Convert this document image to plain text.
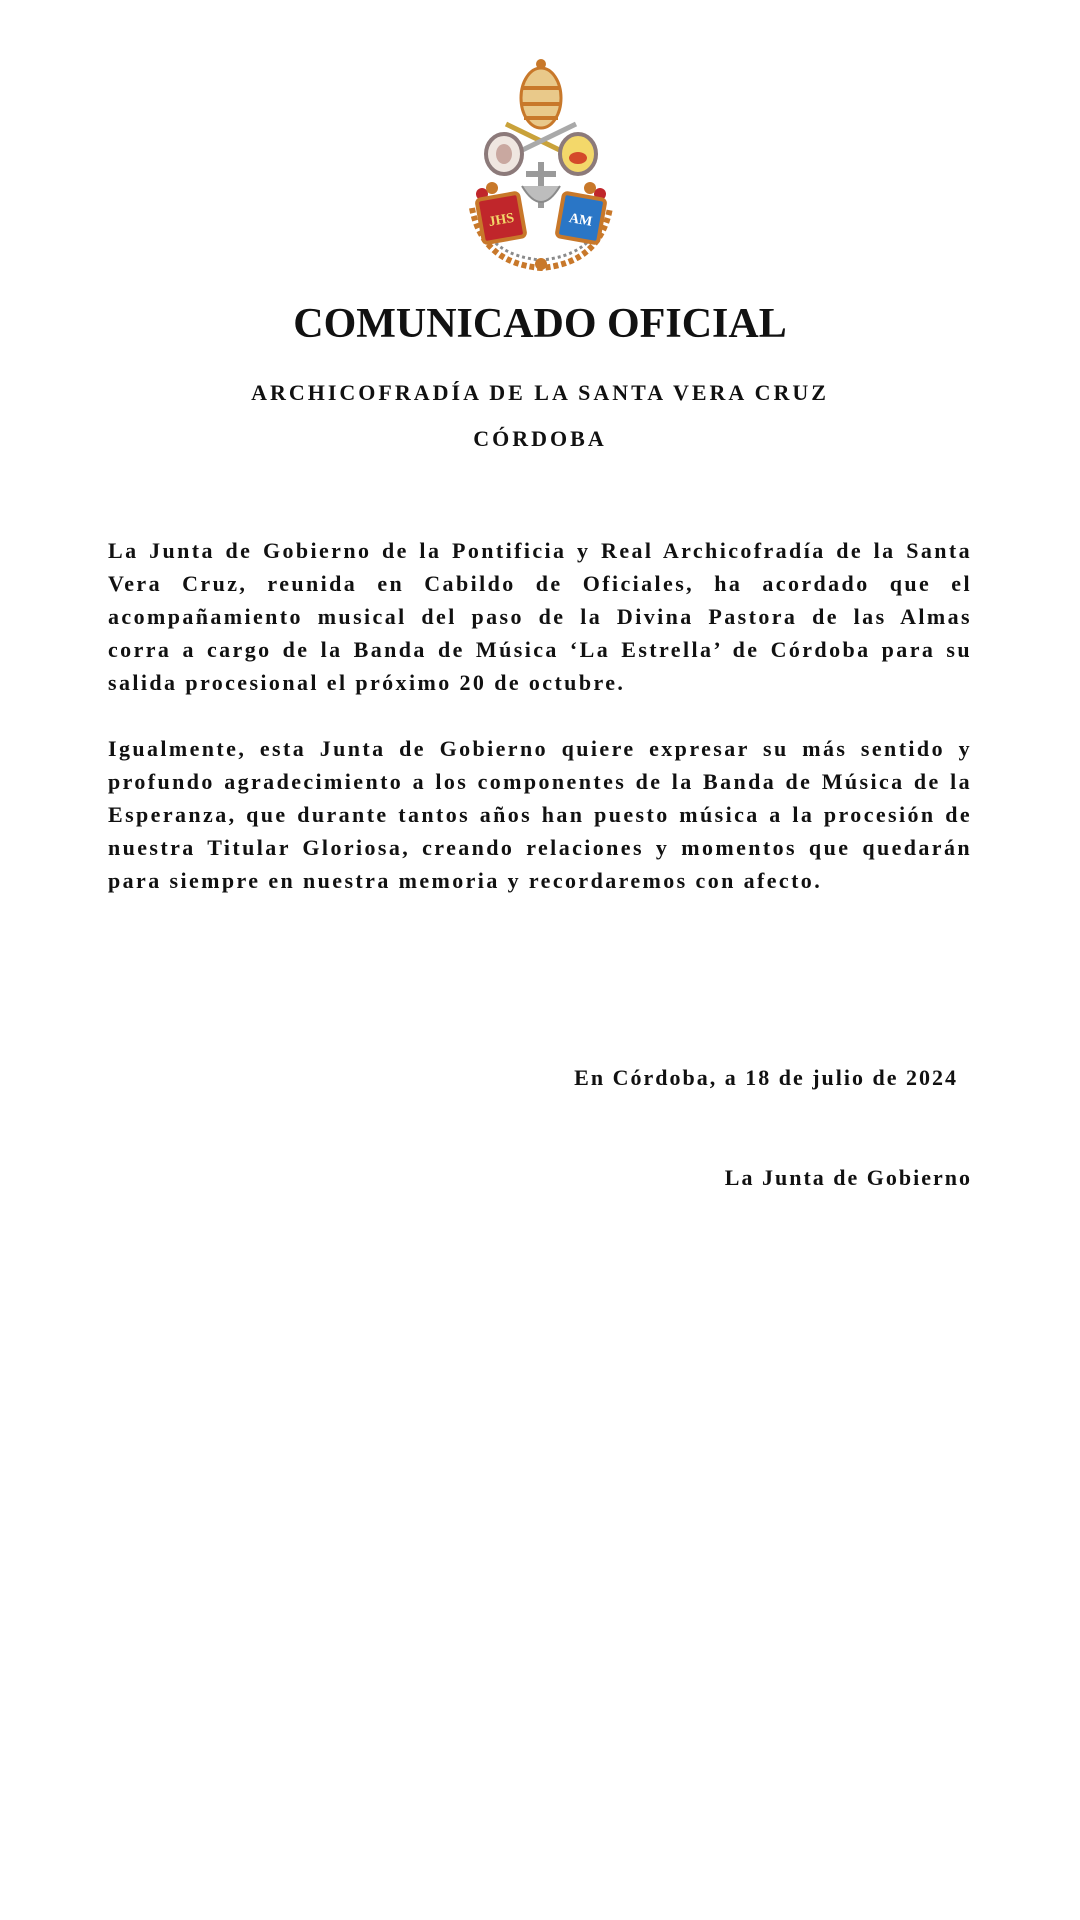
JHS	AM
COMUNICADO OFICIAL
ARCHICOFRADÍA DE LA SANTA VERA CRUZ
CÓRDOBA

La Junta de Gobierno de la Pontificia y Real Archicofradía de la Santa Vera Cruz, reunida en Cabildo de Oficiales, ha acordado que el acompañamiento musical del paso de la Divina Pastora de las Almas corra a cargo de la Banda de Música ‘La Estrella’ de Córdoba para su salida procesional el próximo 20 de octubre.

Igualmente, esta Junta de Gobierno quiere expresar su más sentido y profundo agradecimiento a los componentes de la Banda de Música de la Esperanza, que durante tantos años han puesto música a la procesión de nuestra Titular Gloriosa, creando relaciones y momentos que quedarán para siempre en nuestra memoria y recordaremos con afecto.

En Córdoba, a 18 de julio de 2024
La Junta de Gobierno
